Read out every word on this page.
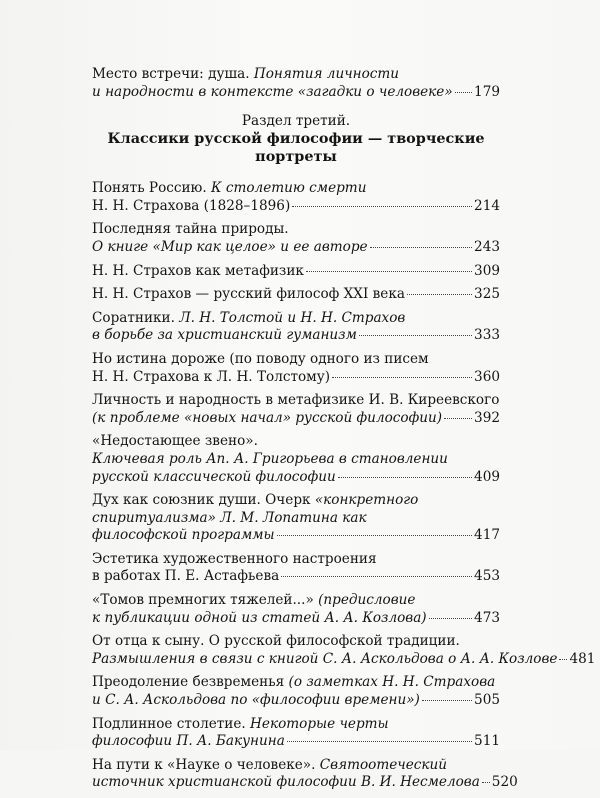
Место встречи: душа. Понятия личности
и народности в контексте «загадки о человеке» 179
Раздел третий.
Классики русской философии — творческие портреты
Понять Россию. К столетию смерти
Н. Н. Страхова (1828–1896)	214
Последняя тайна природы.
О книге «Мир как целое» и ее авторе	243
Н. Н. Страхов как метафизик	309
Н. Н. Страхов — русский философ XXI века	325
Соратники. Л. Н. Толстой и Н. Н. Страхов
в борьбе за христианский гуманизм	333
Но истина дороже (по поводу одного из писем
Н. Н. Страхова к Л. Н. Толстому)	360
Личность и народность в метафизике И. В. Киреевского
(к проблеме «новых начал» русской философии) 392
«Недостающее звено».
Ключевая роль Ап. А. Григорьева в становлении
русской классической философии	409
Дух как союзник души. Очерк «конкретного
спиритуализма» Л. М. Лопатина как
философской программы	417
Эстетика художественного настроения
в работах П. Е. Астафьева	453
«Томов премногих тяжелей...» (предисловие
к публикации одной из статей А. А. Козлова)	473
От отца к сыну. О русской философской традиции.
Размышления в связи с книгой С. А. Аскольдова о А. А. Козлове 481
Преодоление безвременья (о заметках Н. Н. Страхова
и С. А. Аскольдова по «философии времени»)	505
Подлинное столетие. Некоторые черты
философии П. А. Бакунина	511
На пути к «Науке о человеке». Святоотеческий
источник христианской философии В. И. Несмелова 520
